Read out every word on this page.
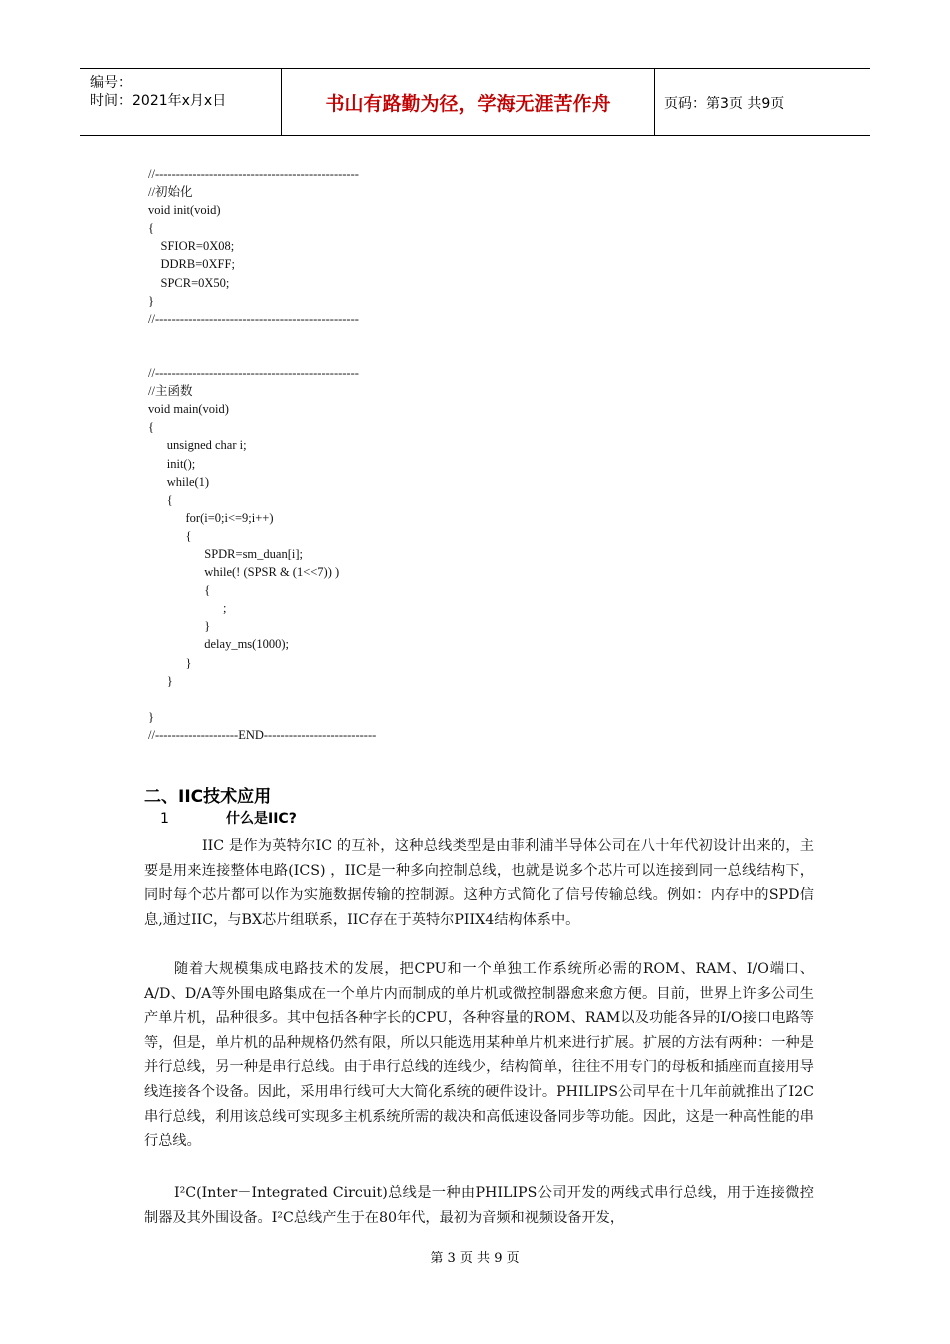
编号：
时间：2021年x月x日	书山有路勤为径，学海无涯苦作舟	页码：第3页 共9页
//-------------------------------------------------
//初始化
void init(void)
{
SFIOR=0X08;
DDRB=0XFF;
SPCR=0X50;
}
//-------------------------------------------------

//-------------------------------------------------
//主函数
void main(void)
{
unsigned char i;
init();
while(1)
{
for(i=0;i<=9;i++)
{
SPDR=sm_duan[i];
while(! (SPSR & (1<<7)) )
{
;
}
delay_ms(1000);
}
}

}
//--------------------END---------------------------
二、IIC技术应用
1	什么是IIC?

IIC 是作为英特尔IC 的互补，这种总线类型是由菲利浦半导体公司在八十年代初设计出来的，主要是用来连接整体电路(ICS) ，IIC是一种多向控制总线，也就是说多个芯片可以连接到同一总线结构下，同时每个芯片都可以作为实施数据传输的控制源。这种方式简化了信号传输总线。例如：内存中的SPD信息,通过IIC，与BX芯片组联系，IIC存在于英特尔PIIX4结构体系中。

随着大规模集成电路技术的发展，把CPU和一个单独工作系统所必需的ROM、RAM、I/O端口、A/D、D/A等外围电路集成在一个单片内而制成的单片机或微控制器愈来愈方便。目前，世界上许多公司生产单片机，品种很多。其中包括各种字长的CPU，各种容量的ROM、RAM以及功能各异的I/O接口电路等等，但是，单片机的品种规格仍然有限，所以只能选用某种单片机来进行扩展。扩展的方法有两种：一种是并行总线，另一种是串行总线。由于串行总线的连线少，结构简单，往往不用专门的母板和插座而直接用导线连接各个设备。因此，采用串行线可大大简化系统的硬件设计。PHILIPS公司早在十几年前就推出了I2C串行总线，利用该总线可实现多主机系统所需的裁决和高低速设备同步等功能。因此，这是一种高性能的串行总线。

I²C(Inter－Integrated Circuit)总线是一种由PHILIPS公司开发的两线式串行总线，用于连接微控制器及其外围设备。I²C总线产生于在80年代，最初为音频和视频设备开发，

第 3 页 共 9 页
